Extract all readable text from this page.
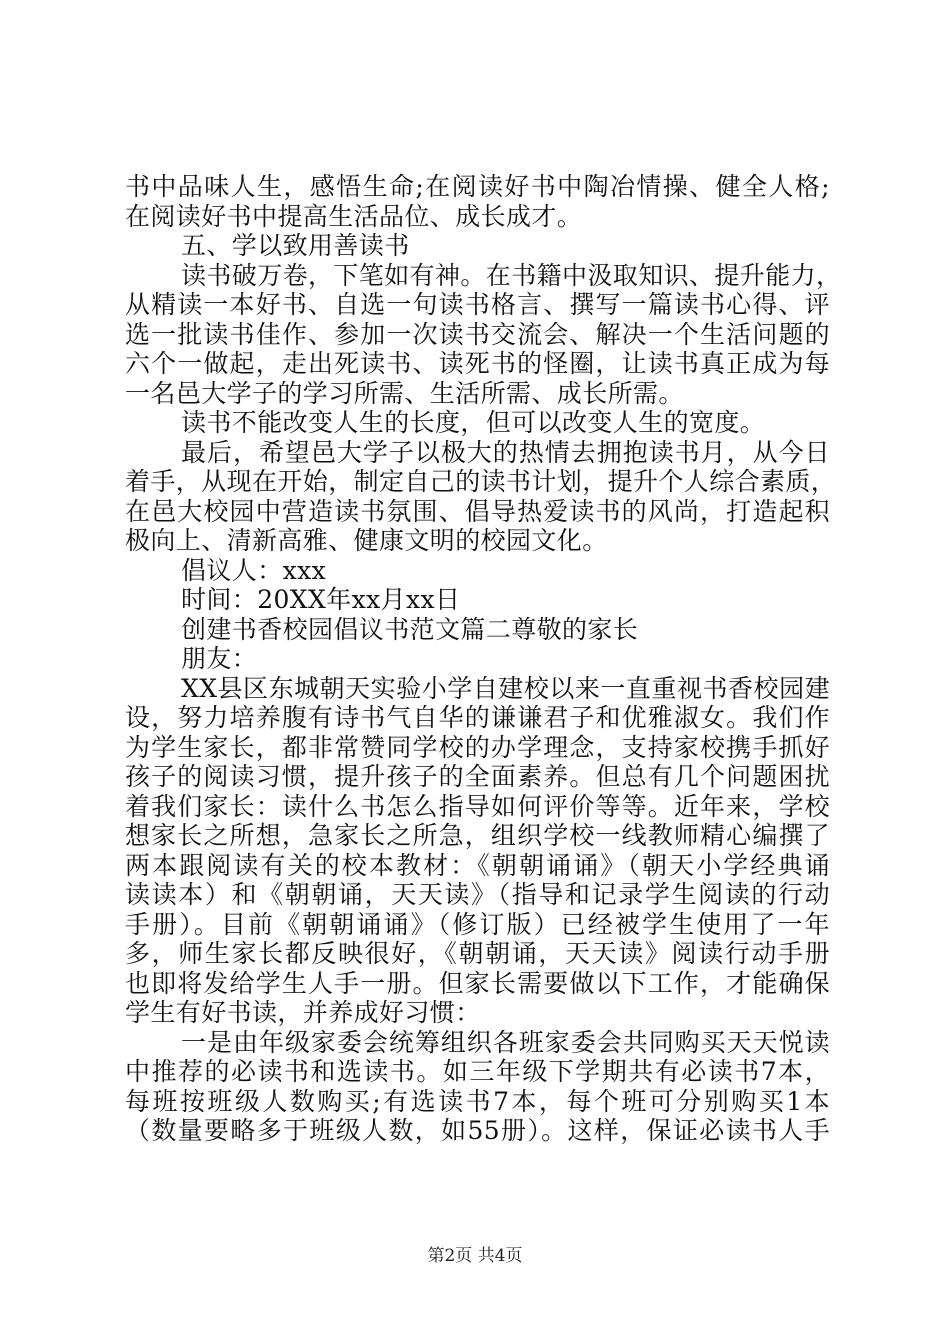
书中品味人生，感悟生命;在阅读好书中陶冶情操、健全人格;
在阅读好书中提高生活品位、成长成才。
五、学以致用善读书
读书破万卷，下笔如有神。在书籍中汲取知识、提升能力，
从精读一本好书、自选一句读书格言、撰写一篇读书心得、评
选一批读书佳作、参加一次读书交流会、解决一个生活问题的
六个一做起，走出死读书、读死书的怪圈，让读书真正成为每
一名邑大学子的学习所需、生活所需、成长所需。
读书不能改变人生的长度，但可以改变人生的宽度。
最后，希望邑大学子以极大的热情去拥抱读书月，从今日
着手，从现在开始，制定自己的读书计划，提升个人综合素质，
在邑大校园中营造读书氛围、倡导热爱读书的风尚，打造起积
极向上、清新高雅、健康文明的校园文化。
倡议人：xxx
时间：20XX年xx月xx日
创建书香校园倡议书范文篇二尊敬的家长
朋友：
XX县区东城朝天实验小学自建校以来一直重视书香校园建
设，努力培养腹有诗书气自华的谦谦君子和优雅淑女。我们作
为学生家长，都非常赞同学校的办学理念，支持家校携手抓好
孩子的阅读习惯，提升孩子的全面素养。但总有几个问题困扰
着我们家长：读什么书怎么指导如何评价等等。近年来，学校
想家长之所想，急家长之所急，组织学校一线教师精心编撰了
两本跟阅读有关的校本教材：《朝朝诵诵》（朝天小学经典诵
读读本）和《朝朝诵，天天读》（指导和记录学生阅读的行动
手册）。目前《朝朝诵诵》（修订版）已经被学生使用了一年
多，师生家长都反映很好，《朝朝诵，天天读》阅读行动手册
也即将发给学生人手一册。但家长需要做以下工作，才能确保
学生有好书读，并养成好习惯：
一是由年级家委会统筹组织各班家委会共同购买天天悦读
中推荐的必读书和选读书。如三年级下学期共有必读书7本，
每班按班级人数购买;有选读书7本，每个班可分别购买1本
（数量要略多于班级人数，如55册）。这样，保证必读书人手
第2页 共4页
